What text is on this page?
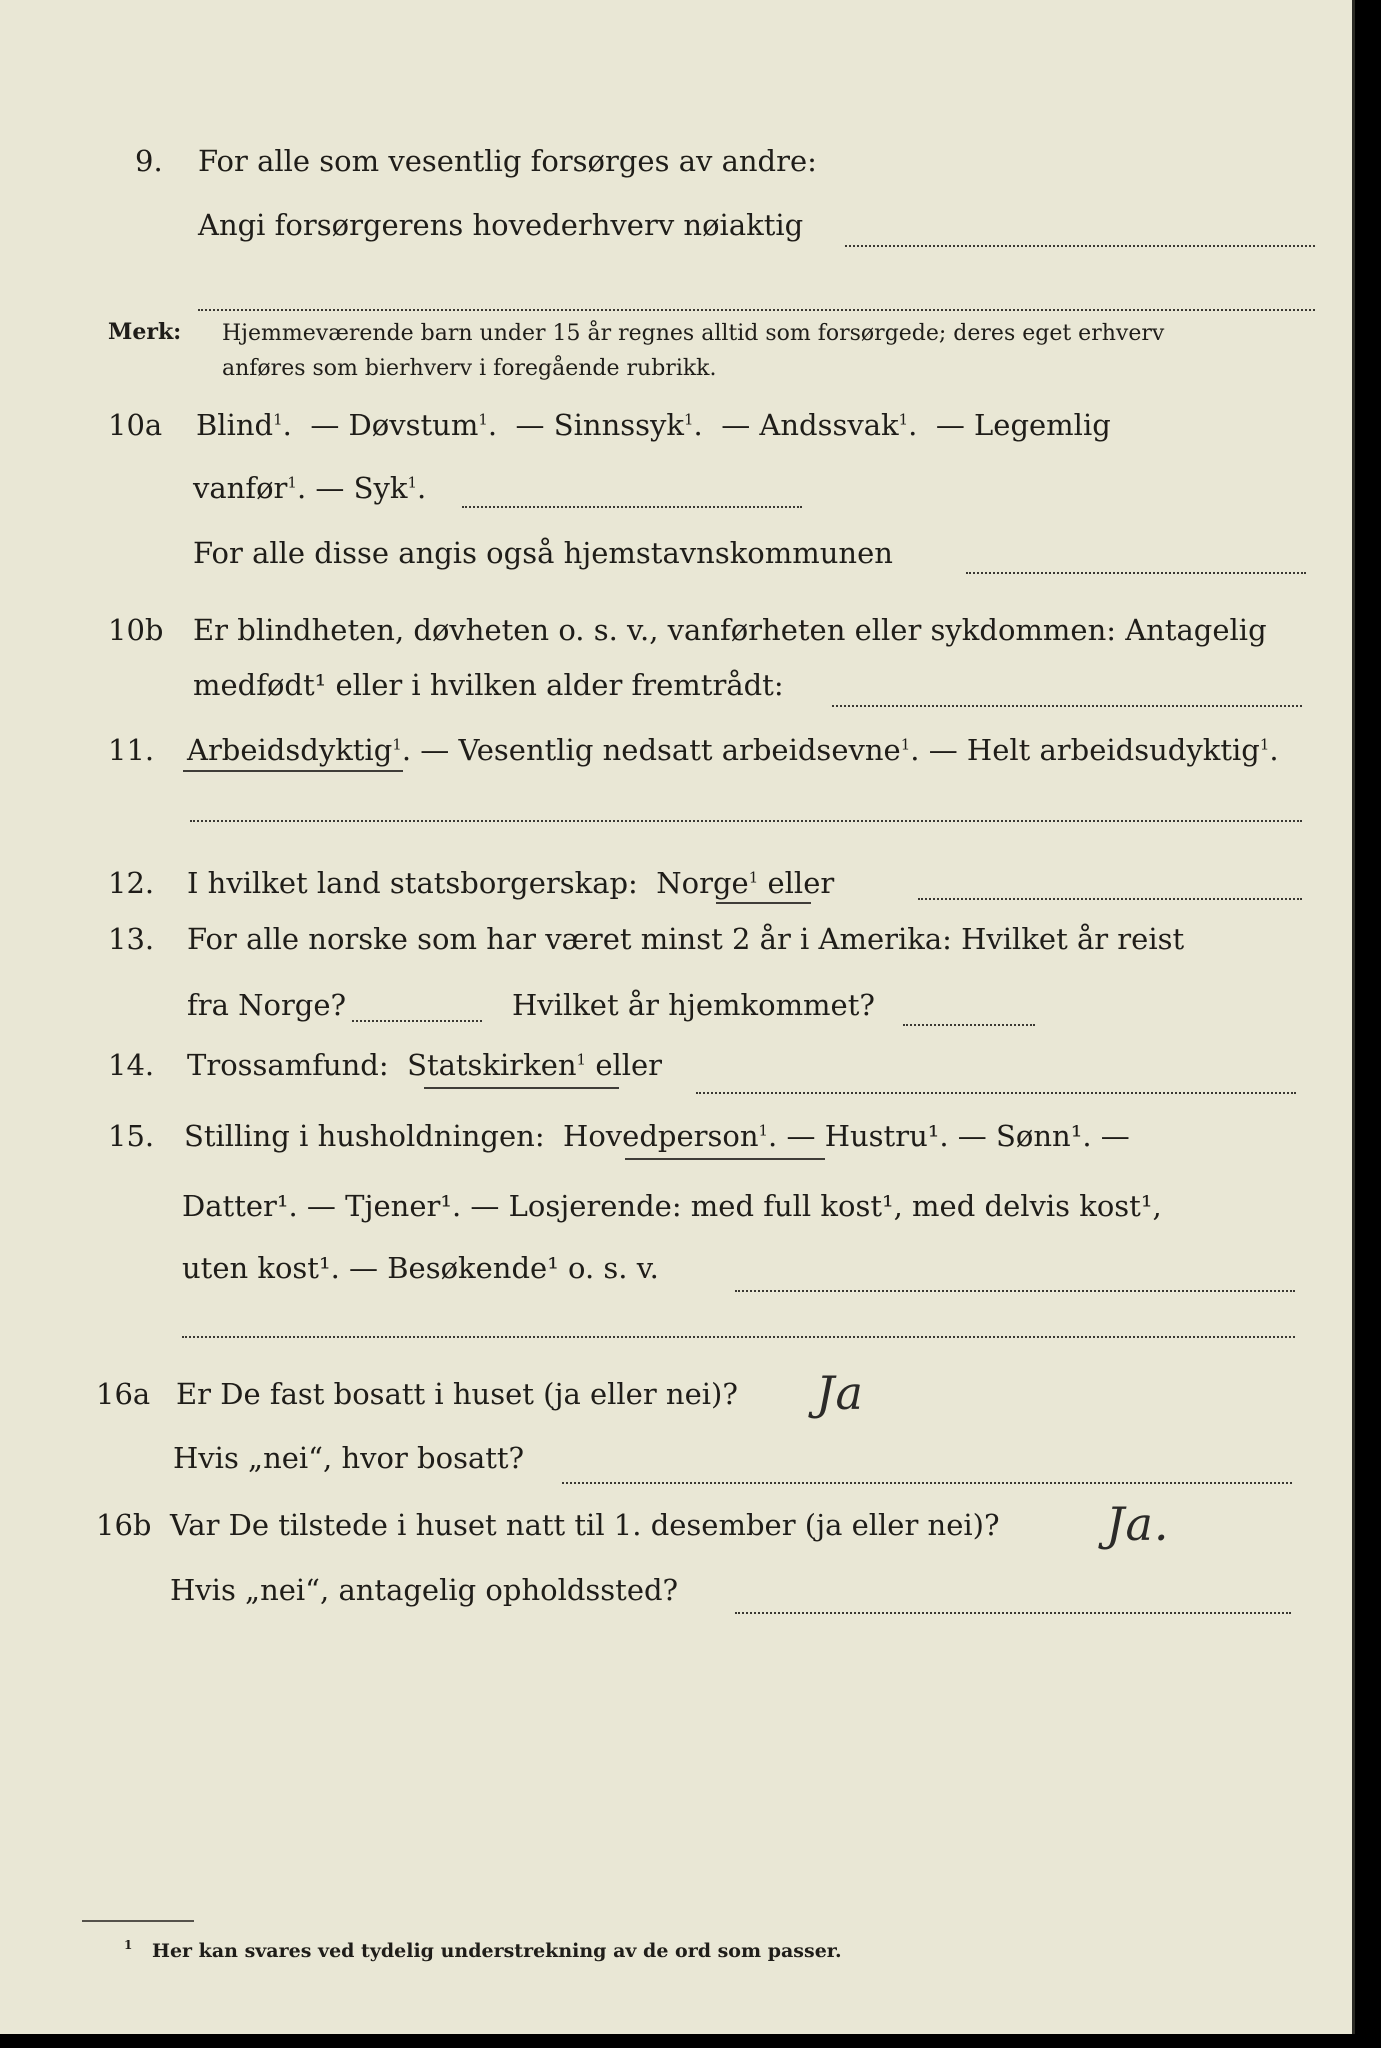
9. For alle som vesentlig forsørges av andre:
Angi forsørgerens hovederhverv nøiaktig
Merk: Hjemmeværende barn under 15 år regnes alltid som forsørgede; deres eget erhverv
anføres som bierhverv i foregående rubrikk.
10a Blind$^1$.  — Døvstum$^1$.  — Sinnssyk$^1$.  — Andssvak$^1$.  — Legemlig
vanfør$^1$. — Syk$^1$.
For alle disse angis også hjemstavnskommunen
10b Er blindheten, døvheten o. s. v., vanførheten eller sykdommen: Antagelig
medfødt¹ eller i hvilken alder fremtrådt:
11. Arbeidsdyktig$^1$. — Vesentlig nedsatt arbeidsevne$^1$. — Helt arbeidsudyktig$^1$.
12. I hvilket land statsborgerskap: Norge$^1$ eller
13. For alle norske som har været minst 2 år i Amerika: Hvilket år reist
fra Norge?	Hvilket år hjemkommet?
14. Trossamfund: Statskirken$^1$ eller
15. Stilling i husholdningen: Hovedperson$^1$. — Hustru¹. — Sønn¹. —
Datter¹. — Tjener¹. — Losjerende: med full kost¹, med delvis kost¹,
uten kost¹. — Besøkende¹ o. s. v.
16a Er De fast bosatt i huset (ja eller nei)? Ja
Hvis „nei“, hvor bosatt?
16b Var De tilstede i huset natt til 1. desember (ja eller nei)? Ja.
Hvis „nei“, antagelig opholdssted?
1 Her kan svares ved tydelig understrekning av de ord som passer.
